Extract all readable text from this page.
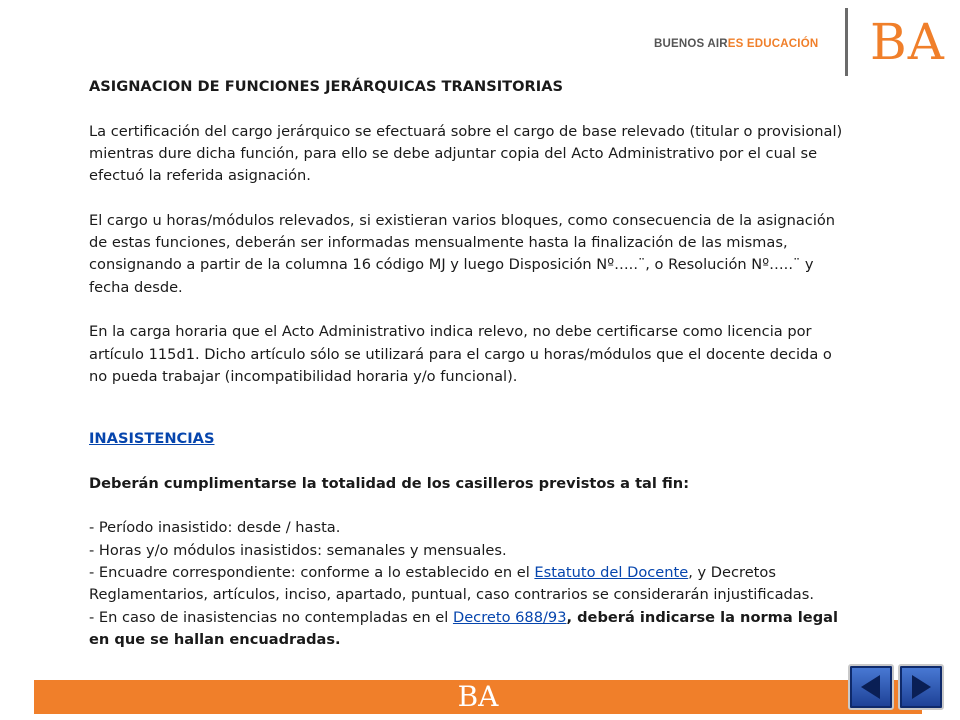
BUENOS AIRES EDUCACIÓN BA

ASIGNACION DE FUNCIONES JERÁRQUICAS TRANSITORIAS

La certificación del cargo jerárquico se efectuará sobre el cargo de base relevado (titular o provisional) mientras dure dicha función, para ello se debe adjuntar copia del Acto Administrativo por el cual se efectuó la referida asignación.

El cargo u horas/módulos relevados, si existieran varios bloques, como consecuencia de la asignación de estas funciones, deberán ser informadas mensualmente hasta la finalización de las mismas, consignando a partir de la columna 16 código MJ y luego Disposición Nº…..¨, o Resolución Nº…..¨ y fecha desde.

En la carga horaria que el Acto Administrativo indica relevo, no debe certificarse como licencia por artículo 115d1. Dicho artículo sólo se utilizará para el cargo u horas/módulos que el docente decida o no pueda trabajar (incompatibilidad horaria y/o funcional).

INASISTENCIAS

Deberán cumplimentarse la totalidad de los casilleros previstos a tal fin:

- Período inasistido: desde / hasta.

- Horas y/o módulos inasistidos: semanales y mensuales.

- Encuadre correspondiente: conforme a lo establecido en el Estatuto del Docente, y Decretos Reglamentarios, artículos, inciso, apartado, puntual, caso contrarios se considerarán injustificadas.

- En caso de inasistencias no contempladas en el Decreto 688/93, deberá indicarse la norma legal en que se hallan encuadradas.

BA
